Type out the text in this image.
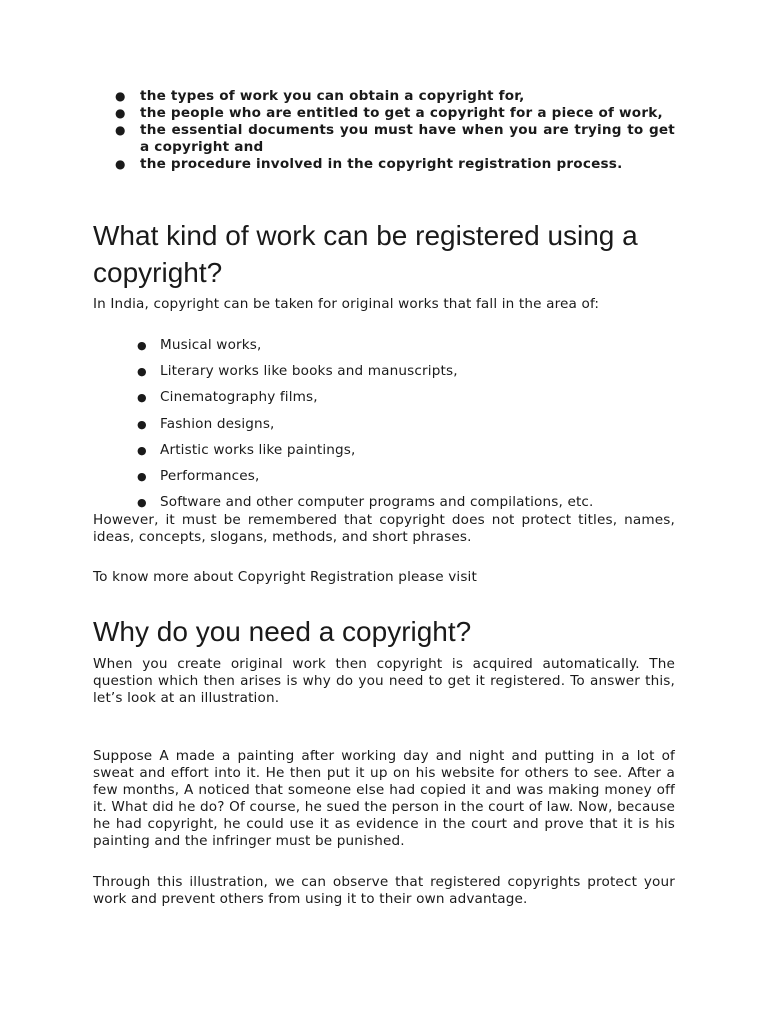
● the types of work you can obtain a copyright for,
● the people who are entitled to get a copyright for a piece of work,
● the essential documents you must have when you are trying to get a copyright and
● the procedure involved in the copyright registration process.
What kind of work can be registered using a copyright?

In India, copyright can be taken for original works that fall in the area of:

● Musical works,
● Literary works like books and manuscripts,
● Cinematography films,
● Fashion designs,
● Artistic works like paintings,
● Performances,
● Software and other computer programs and compilations, etc.

However, it must be remembered that copyright does not protect titles, names, ideas, concepts, slogans, methods, and short phrases.

To know more about Copyright Registration please visit

Why do you need a copyright?

When you create original work then copyright is acquired automatically. The question which then arises is why do you need to get it registered. To answer this, let’s look at an illustration.

Suppose A made a painting after working day and night and putting in a lot of sweat and effort into it. He then put it up on his website for others to see. After a few months, A noticed that someone else had copied it and was making money off it. What did he do? Of course, he sued the person in the court of law. Now, because he had copyright, he could use it as evidence in the court and prove that it is his painting and the infringer must be punished.

Through this illustration, we can observe that registered copyrights protect your work and prevent others from using it to their own advantage.
